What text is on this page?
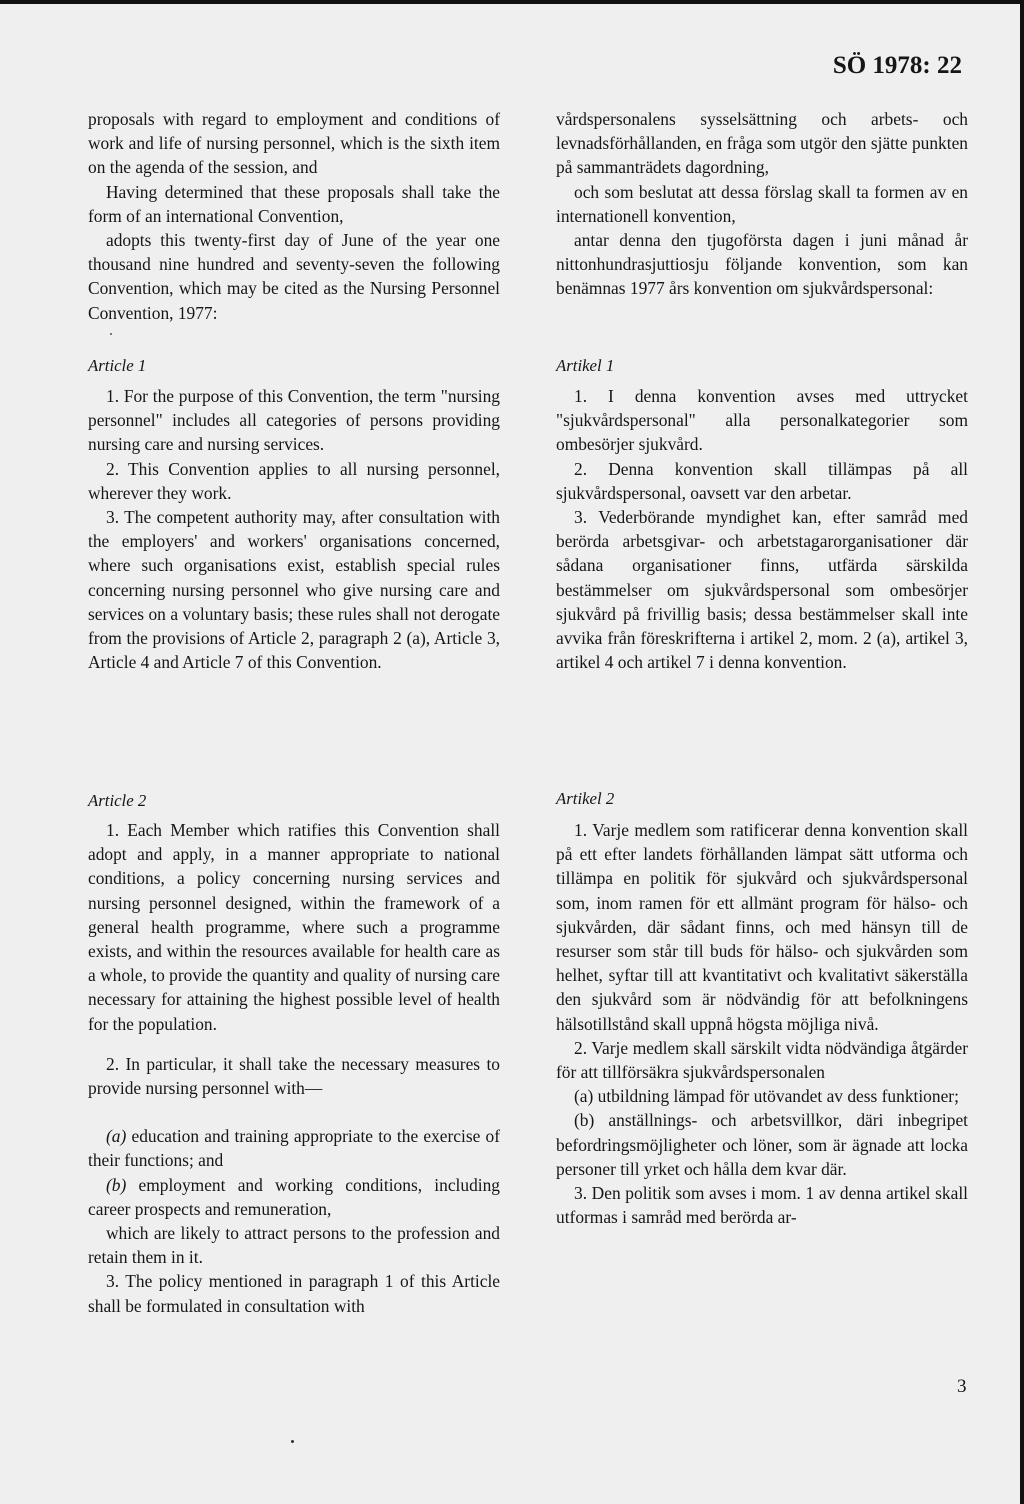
SÖ 1978: 22

proposals with regard to employment and conditions of work and life of nursing personnel, which is the sixth item on the agenda of the session, and

Having determined that these proposals shall take the form of an international Convention,

adopts this twenty-first day of June of the year one thousand nine hundred and seventy-seven the following Convention, which may be cited as the Nursing Personnel Convention, 1977:

vårdspersonalens sysselsättning och arbets- och levnadsförhållanden, en fråga som utgör den sjätte punkten på sammanträdets dagordning,

och som beslutat att dessa förslag skall ta formen av en internationell konvention,

antar denna den tjugoförsta dagen i juni månad år nittonhundrasjuttiosju följande konvention, som kan benämnas 1977 års konvention om sjukvårdspersonal:

Article 1	Artikel 1

1. For the purpose of this Convention, the term "nursing personnel" includes all categories of persons providing nursing care and nursing services.

2. This Convention applies to all nursing personnel, wherever they work.

3. The competent authority may, after consultation with the employers' and workers' organisations concerned, where such organisations exist, establish special rules concerning nursing personnel who give nursing care and services on a voluntary basis; these rules shall not derogate from the provisions of Article 2, paragraph 2 (a), Article 3, Article 4 and Article 7 of this Convention.

1. I denna konvention avses med uttrycket "sjukvårdspersonal" alla personalkategorier som ombesörjer sjukvård.

2. Denna konvention skall tillämpas på all sjukvårdspersonal, oavsett var den arbetar.

3. Vederbörande myndighet kan, efter samråd med berörda arbetsgivar- och arbetstagarorganisationer där sådana organisationer finns, utfärda särskilda bestämmelser om sjukvårdspersonal som ombesörjer sjukvård på frivillig basis; dessa bestämmelser skall inte avvika från föreskrifterna i artikel 2, mom. 2 (a), artikel 3, artikel 4 och artikel 7 i denna konvention.

Article 2	Artikel 2

1. Each Member which ratifies this Convention shall adopt and apply, in a manner appropriate to national conditions, a policy concerning nursing services and nursing personnel designed, within the framework of a general health programme, where such a programme exists, and within the resources available for health care as a whole, to provide the quantity and quality of nursing care necessary for attaining the highest possible level of health for the population.

2. In particular, it shall take the necessary measures to provide nursing personnel with—

(a) education and training appropriate to the exercise of their functions; and

(b) employment and working conditions, including career prospects and remuneration,

which are likely to attract persons to the profession and retain them in it.

3. The policy mentioned in paragraph 1 of this Article shall be formulated in consultation with

1. Varje medlem som ratificerar denna konvention skall på ett efter landets förhållanden lämpat sätt utforma och tillämpa en politik för sjukvård och sjukvårdspersonal som, inom ramen för ett allmänt program för hälso- och sjukvården, där sådant finns, och med hänsyn till de resurser som står till buds för hälso- och sjukvården som helhet, syftar till att kvantitativt och kvalitativt säkerställa den sjukvård som är nödvändig för att befolkningens hälsotillstånd skall uppnå högsta möjliga nivå.

2. Varje medlem skall särskilt vidta nödvändiga åtgärder för att tillförsäkra sjukvårdspersonalen

(a) utbildning lämpad för utövandet av dess funktioner;

(b) anställnings- och arbetsvillkor, däri inbegripet befordringsmöjligheter och löner, som är ägnade att locka personer till yrket och hålla dem kvar där.

3. Den politik som avses i mom. 1 av denna artikel skall utformas i samråd med berörda ar-

3
